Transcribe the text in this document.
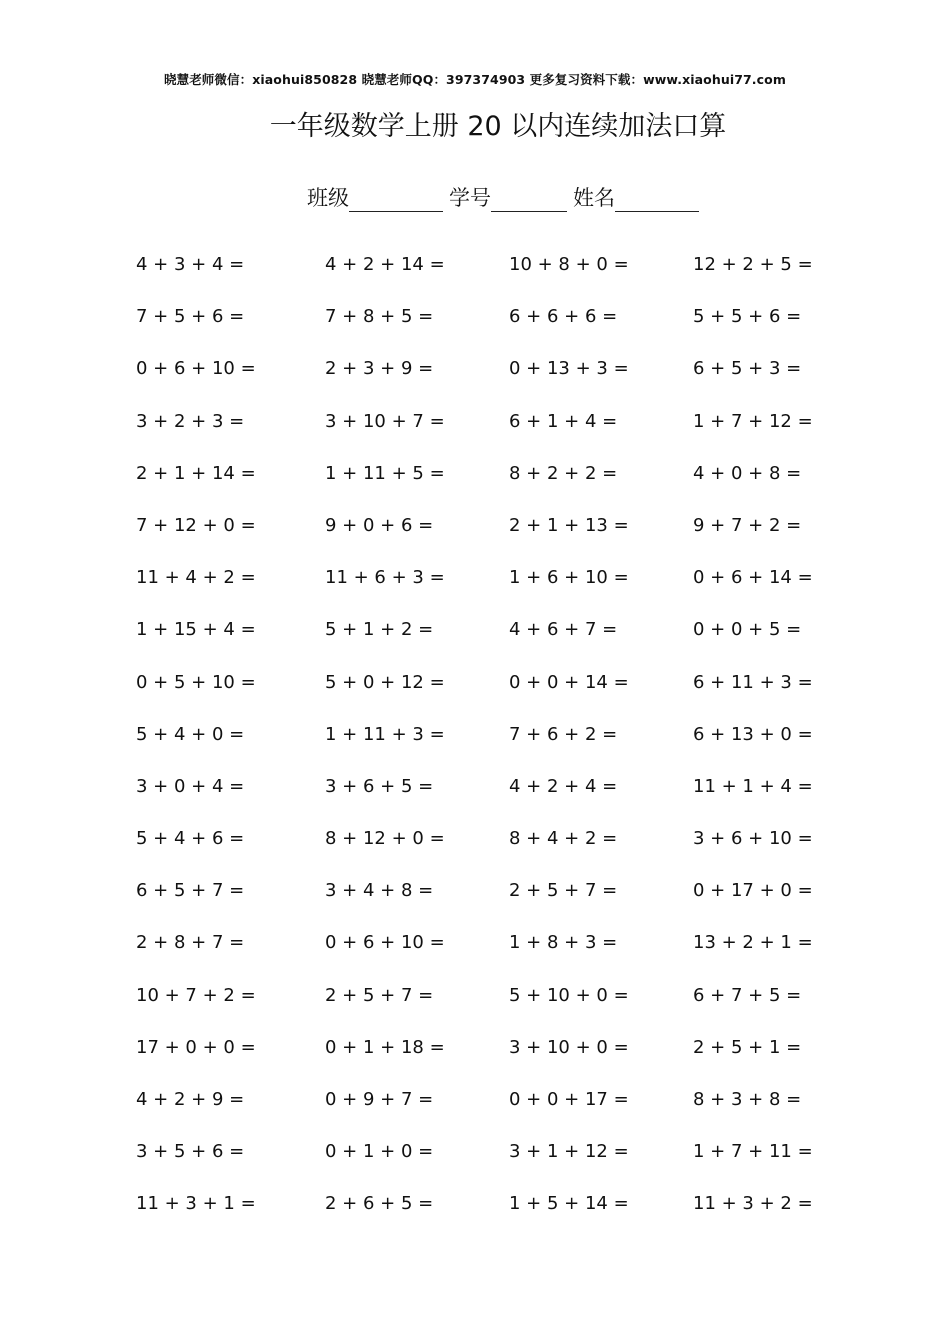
晓慧老师微信：xiaohui850828 晓慧老师QQ：397374903 更多复习资料下载：www.xiaohui77.com
一年级数学上册 20 以内连续加法口算
班级	学号	姓名
4 + 3 + 4 =	4 + 2 + 14 =	10 + 8 + 0 =	12 + 2 + 5 =
7 + 5 + 6 =	7 + 8 + 5 =	6 + 6 + 6 =	5 + 5 + 6 =
0 + 6 + 10 =	2 + 3 + 9 =	0 + 13 + 3 =	6 + 5 + 3 =
3 + 2 + 3 =	3 + 10 + 7 =	6 + 1 + 4 =	1 + 7 + 12 =
2 + 1 + 14 =	1 + 11 + 5 =	8 + 2 + 2 =	4 + 0 + 8 =
7 + 12 + 0 =	9 + 0 + 6 =	2 + 1 + 13 =	9 + 7 + 2 =
11 + 4 + 2 =	11 + 6 + 3 =	1 + 6 + 10 =	0 + 6 + 14 =
1 + 15 + 4 =	5 + 1 + 2 =	4 + 6 + 7 =	0 + 0 + 5 =
0 + 5 + 10 =	5 + 0 + 12 =	0 + 0 + 14 =	6 + 11 + 3 =
5 + 4 + 0 =	1 + 11 + 3 =	7 + 6 + 2 =	6 + 13 + 0 =
3 + 0 + 4 =	3 + 6 + 5 =	4 + 2 + 4 =	11 + 1 + 4 =
5 + 4 + 6 =	8 + 12 + 0 =	8 + 4 + 2 =	3 + 6 + 10 =
6 + 5 + 7 =	3 + 4 + 8 =	2 + 5 + 7 =	0 + 17 + 0 =
2 + 8 + 7 =	0 + 6 + 10 =	1 + 8 + 3 =	13 + 2 + 1 =
10 + 7 + 2 =	2 + 5 + 7 =	5 + 10 + 0 =	6 + 7 + 5 =
17 + 0 + 0 =	0 + 1 + 18 =	3 + 10 + 0 =	2 + 5 + 1 =
4 + 2 + 9 =	0 + 9 + 7 =	0 + 0 + 17 =	8 + 3 + 8 =
3 + 5 + 6 =	0 + 1 + 0 =	3 + 1 + 12 =	1 + 7 + 11 =
11 + 3 + 1 =	2 + 6 + 5 =	1 + 5 + 14 =	11 + 3 + 2 =
